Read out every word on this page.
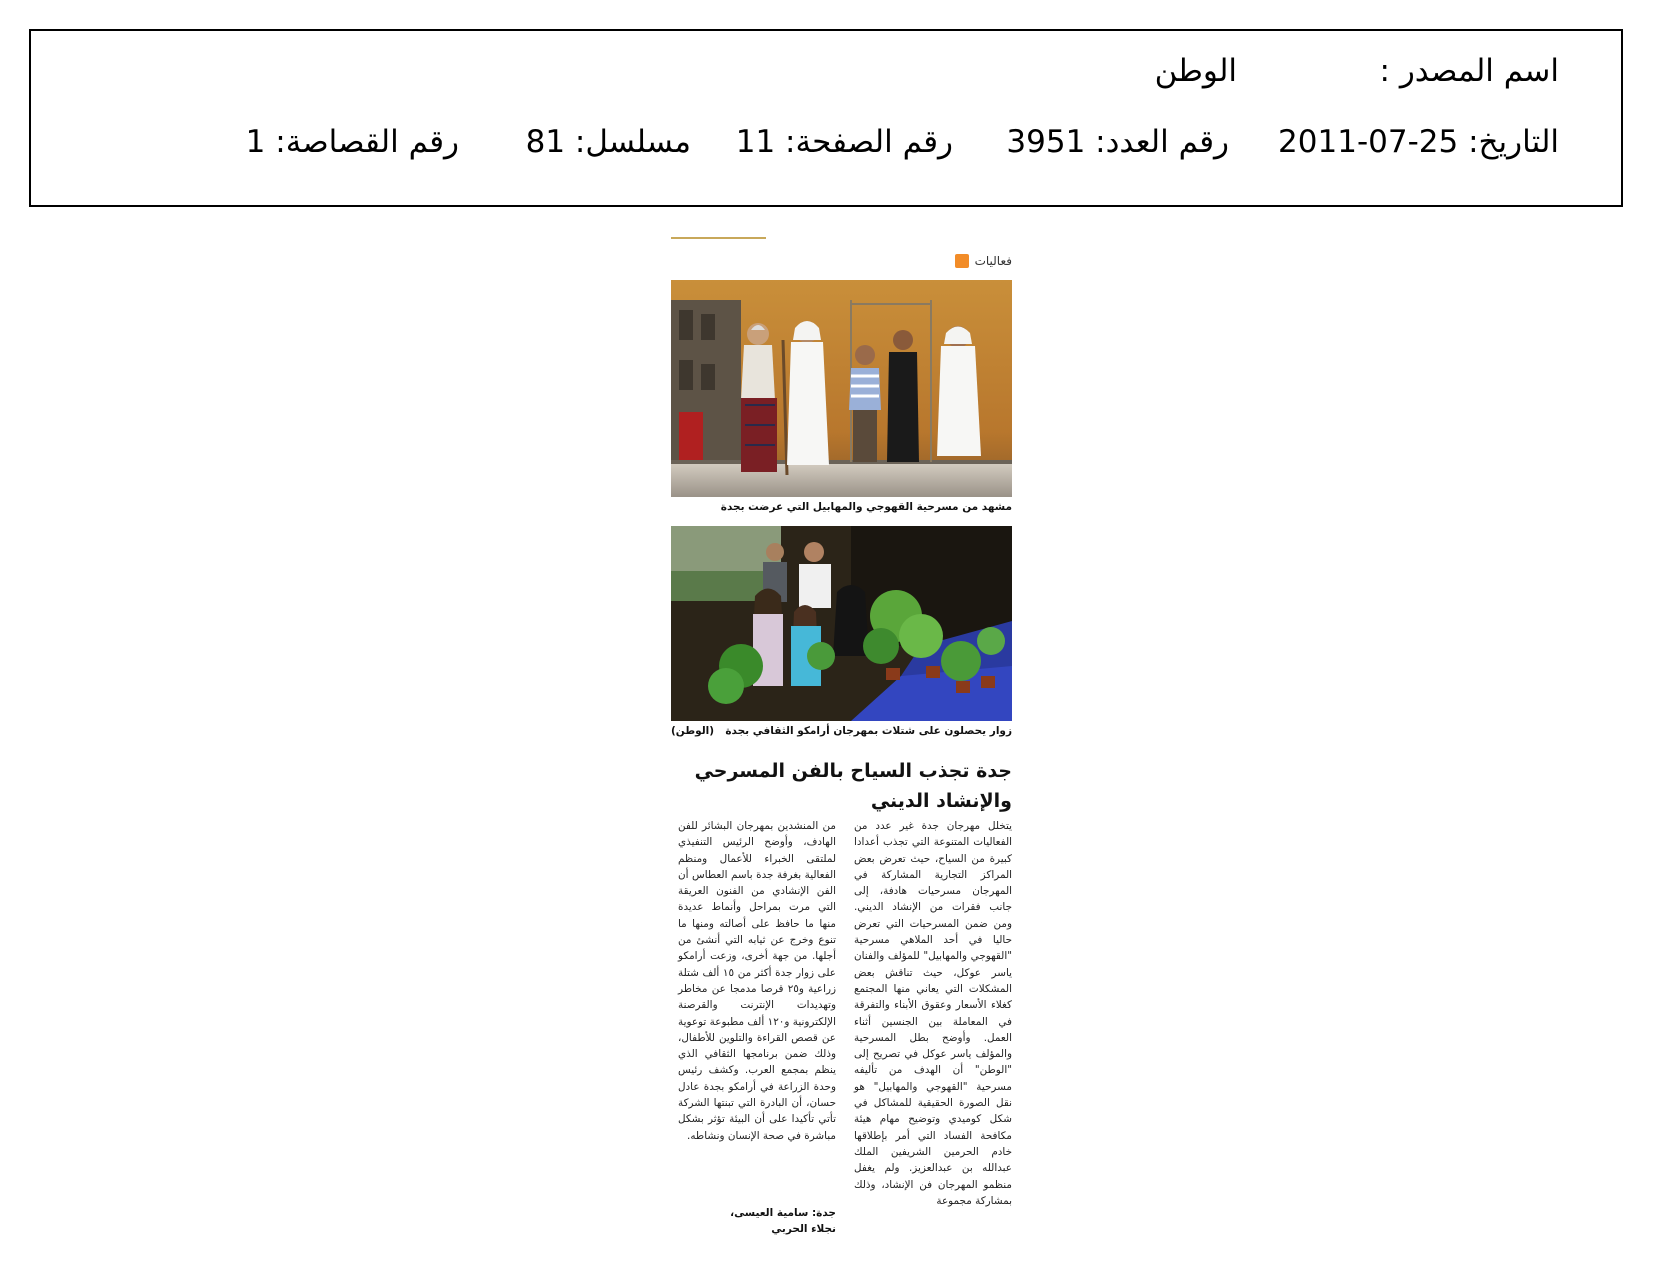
اسم المصدر :
الوطن
التاريخ: 25-07-2011
رقم العدد: 3951
رقم الصفحة: 11
مسلسل: 81
رقم القصاصة: 1
فعاليات
مشهد من مسرحية القهوجي والمهابيل التي عرضت بجدة
زوار يحصلون على شتلات بمهرجان أرامكو الثقافي بجدة
(الوطن)
جدة تجذب السياح بالفن المسرحي
والإنشاد الديني
يتخلل مهرجان جدة غير عدد من الفعاليات المتنوعة التي تجذب أعدادا كبيرة من السياح، حيث تعرض بعض المراكز التجارية المشاركة في المهرجان مسرحيات هادفة، إلى جانب فقرات من الإنشاد الديني. ومن ضمن المسرحيات التي تعرض حاليا في أحد الملاهي مسرحية "القهوجي والمهابيل" للمؤلف والفنان ياسر عوكل، حيث تناقش بعض المشكلات التي يعاني منها المجتمع كغلاء الأسعار وعقوق الأبناء والتفرقة في المعاملة بين الجنسين أثناء العمل. وأوضح بطل المسرحية والمؤلف ياسر عوكل في تصريح إلى "الوطن" أن الهدف من تأليفه مسرحية "القهوجي والمهابيل" هو نقل الصورة الحقيقية للمشاكل في شكل كوميدي وتوضيح مهام هيئة مكافحة الفساد التي أمر بإطلاقها خادم الحرمين الشريفين الملك عبدالله بن عبدالعزيز. ولم يغفل منظمو المهرجان فن الإنشاد، وذلك بمشاركة مجموعة
من المنشدين بمهرجان البشائر للفن الهادف، وأوضح الرئيس التنفيذي لملتقى الخبراء للأعمال ومنظم الفعالية بغرفة جدة باسم العطاس أن الفن الإنشادي من الفنون العريقة التي مرت بمراحل وأنماط عديدة منها ما حافظ على أصالته ومنها ما تنوع وخرج عن ثيابه التي أنشئ من أجلها. من جهة أخرى، وزعت أرامكو على زوار جدة أكثر من ١٥ ألف شتلة زراعية و٢٥ قرصا مدمجا عن مخاطر وتهديدات الإنترنت والقرصنة الإلكترونية و١٢٠ ألف مطبوعة توعوية عن قصص القراءة والتلوين للأطفال، وذلك ضمن برنامجها الثقافي الذي ينظم بمجمع العرب. وكشف رئيس وحدة الزراعة في أرامكو بجدة عادل حسان، أن البادرة التي تبنتها الشركة تأتي تأكيدا على أن البيئة تؤثر بشكل مباشرة في صحة الإنسان ونشاطه.
جدة: سامية العيسى،
نجلاء الحربي
